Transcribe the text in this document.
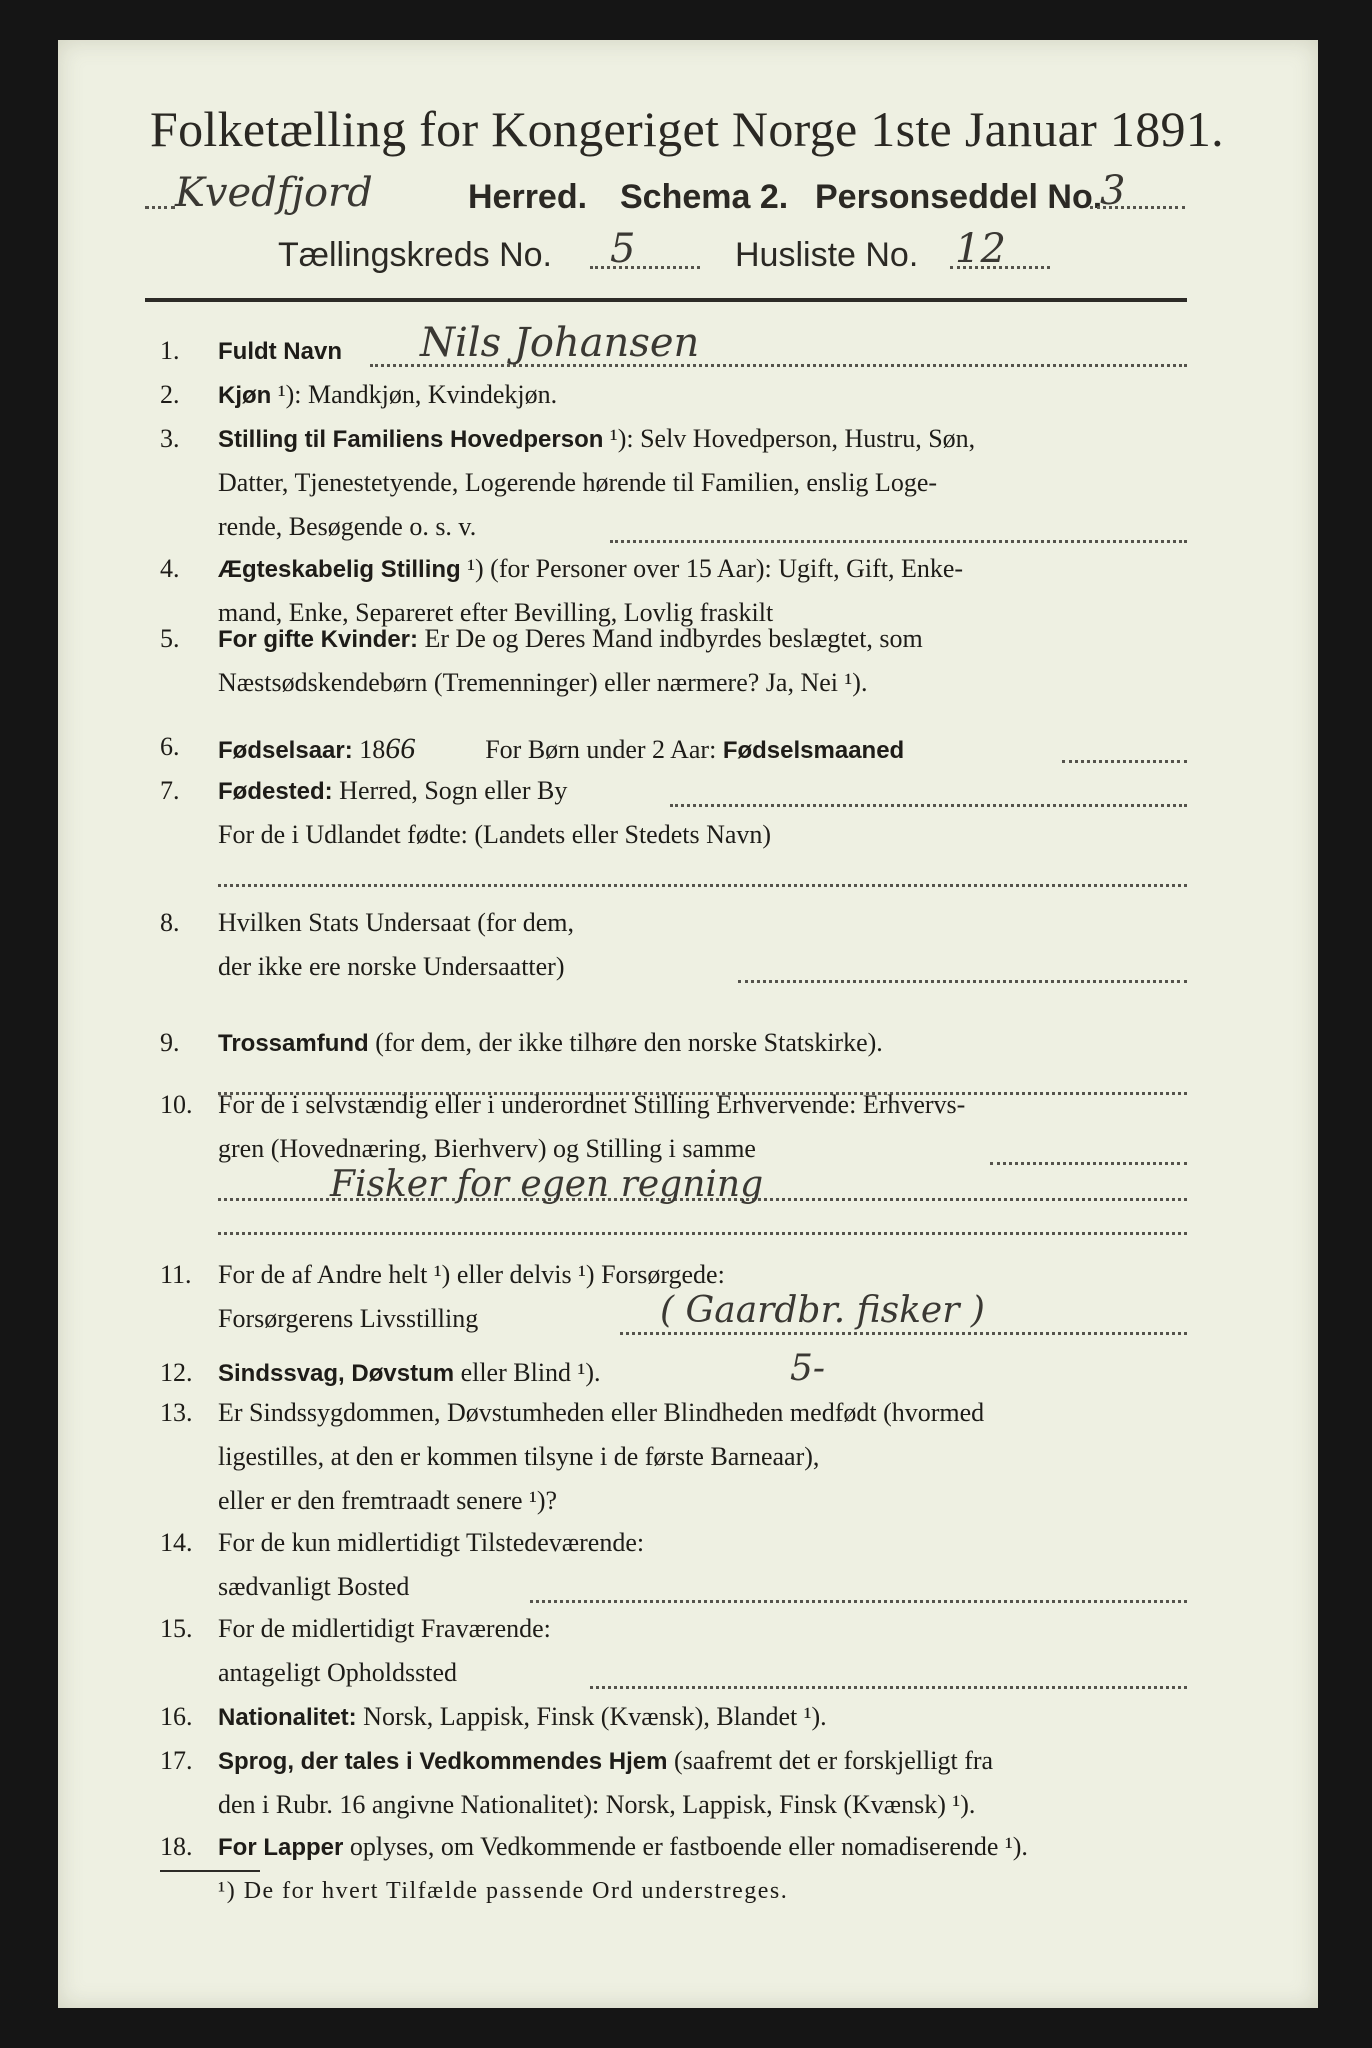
Folketælling for Kongeriget Norge 1ste Januar 1891.
Kvedfjord	Herred. Schema 2. Personseddel No.
3
Tællingskreds No. 5	Husliste No. 12
1.	Fuldt Navn Nils Johansen
2.	Kjøn ¹): Mandkjøn, Kvindekjøn.
3.	Stilling til Familiens Hovedperson ¹): Selv Hovedperson, Hustru, Søn,
Datter, Tjenestetyende, Logerende hørende til Familien, enslig Loge-
rende, Besøgende o. s. v.
4.	Ægteskabelig Stilling ¹) (for Personer over 15 Aar): Ugift, Gift, Enke-
mand, Enke, Separeret efter Bevilling, Lovlig fraskilt
5.	For gifte Kvinder: Er De og Deres Mand indbyrdes beslægtet, som
Næstsødskendebørn (Tremenninger) eller nærmere? Ja, Nei ¹).
6.	Fødselsaar: 1866	For Børn under 2 Aar: Fødselsmaaned
7.	Fødested: Herred, Sogn eller By
For de i Udlandet fødte: (Landets eller Stedets Navn)
8.	Hvilken Stats Undersaat (for dem,
der ikke ere norske Undersaatter)
9.	Trossamfund (for dem, der ikke tilhøre den norske Statskirke).
10. For de i selvstændig eller i underordnet Stilling Erhvervende: Erhvervs-
gren (Hovednæring, Bierhverv) og Stilling i samme
Fisker for egen regning
11.	For de af Andre helt ¹) eller delvis ¹) Forsørgede:
Forsørgerens Livsstilling	( Gaardbr. fisker )
12.	Sindssvag, Døvstum eller Blind ¹).	5-
13. Er Sindssygdommen, Døvstumheden eller Blindheden medfødt (hvormed
ligestilles, at den er kommen tilsyne i de første Barneaar),
eller er den fremtraadt senere ¹)?
14. For de kun midlertidigt Tilstedeværende:
sædvanligt Bosted
15. For de midlertidigt Fraværende:
antageligt Opholdssted
16.	Nationalitet: Norsk, Lappisk, Finsk (Kvænsk), Blandet ¹).
17.	Sprog, der tales i Vedkommendes Hjem (saafremt det er forskjelligt fra
den i Rubr. 16 angivne Nationalitet): Norsk, Lappisk, Finsk (Kvænsk) ¹).
18.	For Lapper oplyses, om Vedkommende er fastboende eller nomadiserende ¹).
¹) De for hvert Tilfælde passende Ord understreges.
